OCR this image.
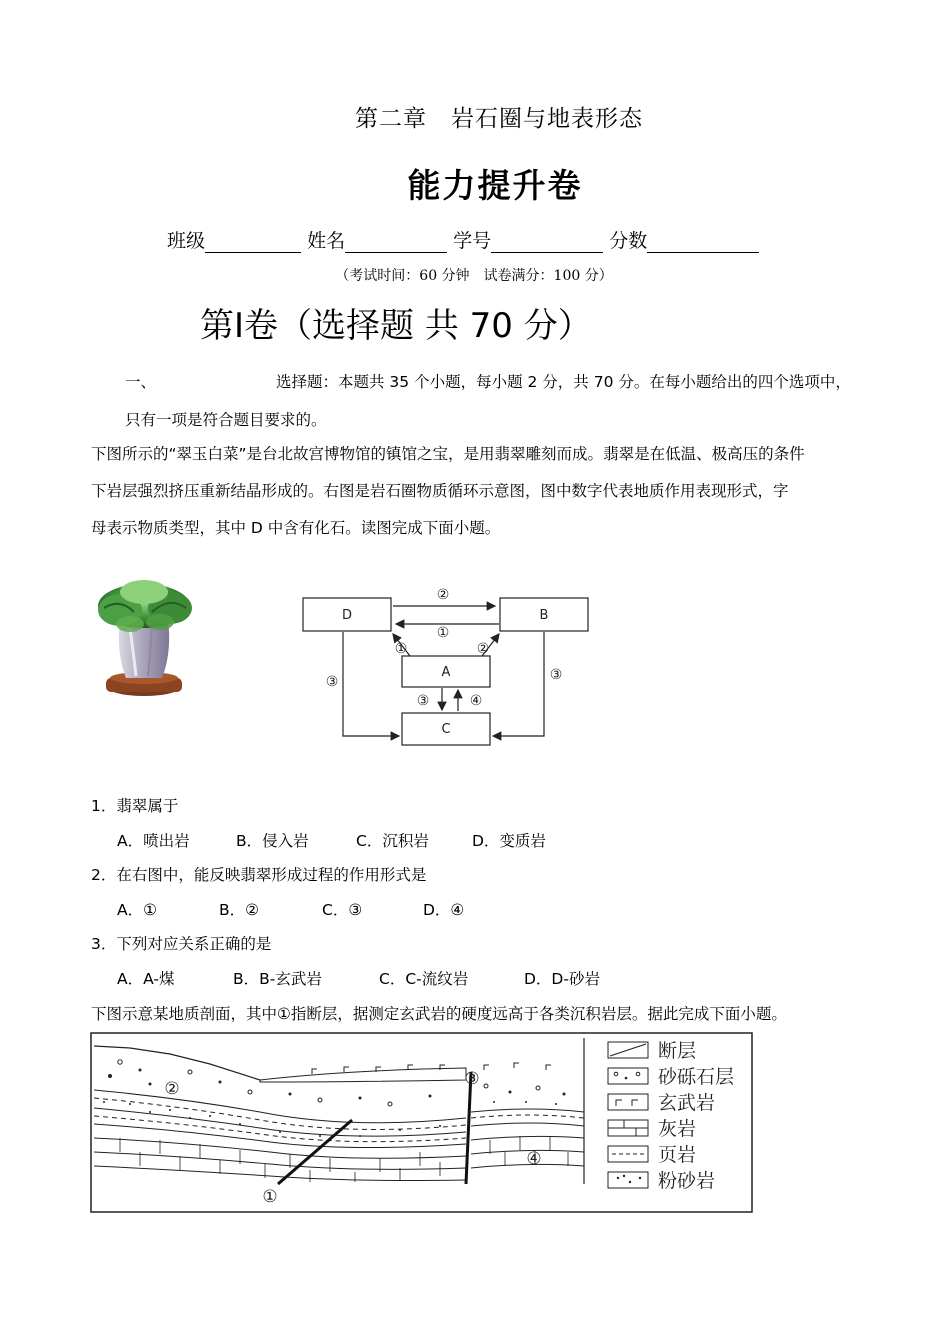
第二章　岩石圈与地表形态
能力提升卷
班级	姓名	学号	分数
（考试时间：60 分钟　试卷满分：100 分）
第I卷（选择题 共 70 分）
一、	选择题：本题共 35 个小题，每小题 2 分，共 70 分。在每小题给出的四个选项中，
只有一项是符合题目要求的。
下图所示的“翠玉白菜”是台北故宫博物馆的镇馆之宝，是用翡翠雕刻而成。翡翠是在低温、极高压的条件
下岩层强烈挤压重新结晶形成的。右图是岩石圈物质循环示意图，图中数字代表地质作用表现形式，字
母表示物质类型，其中 D 中含有化石。读图完成下面小题。
D	B
A
C
②
①
①	②
③	③
③	④
1．翡翠属于
A．喷出岩	B．侵入岩	C．沉积岩	D．变质岩
2．在右图中，能反映翡翠形成过程的作用形式是
A．①	B．②	C．③	D．④
3．下列对应关系正确的是
A．A-煤	B．B-玄武岩	C．C-流纹岩	D．D-砂岩
下图示意某地质剖面，其中①指断层，据测定玄武岩的硬度远高于各类沉积岩层。据此完成下面小题。
①
②	③
④
断层
砂砾石层
玄武岩
灰岩
页岩
粉砂岩
